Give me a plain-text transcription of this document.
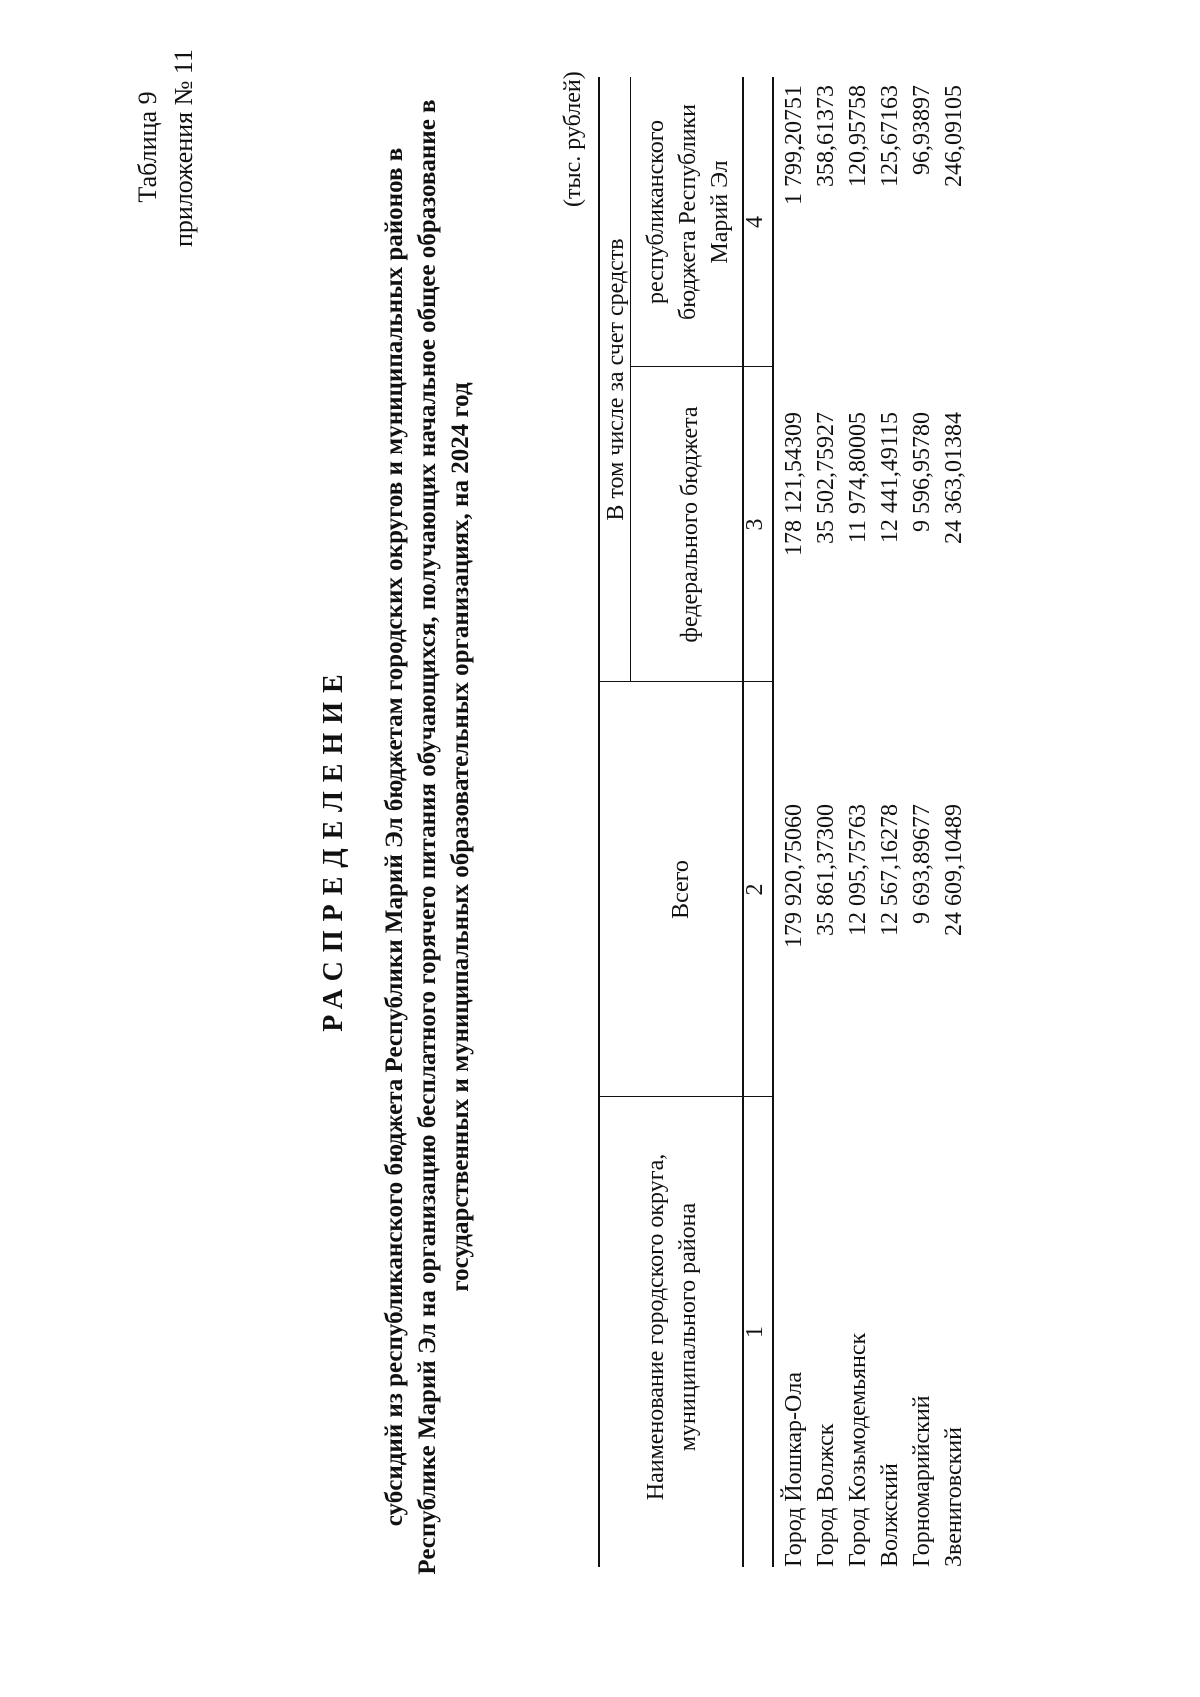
Таблица 9 приложения № 11
РАСПРЕДЕЛЕНИЕ субсидий из республиканского бюджета Республики Марий Эл бюджетам городских округов и муниципальных районов в Республике Марий Эл на организацию бесплатного горячего питания обучающихся, получающих начальное общее образование в государственных и муниципальных образовательных организациях, на 2024 год
(тыс. рублей)
Наименование городского округа, муниципального района
Всего
В том числе за счет средств
федерального бюджета
республиканского бюджета Республики Марий Эл
1
2
3
4
Город Йошкар-Ола
179 920,75060
178 121,54309
1 799,20751
Город Волжск
35 861,37300
35 502,75927
358,61373
Город Козьмодемьянск
12 095,75763
11 974,80005
120,95758
Волжский
12 567,16278
12 441,49115
125,67163
Горномарийский
9 693,89677
9 596,95780
96,93897
Звениговский
24 609,10489
24 363,01384
246,09105
